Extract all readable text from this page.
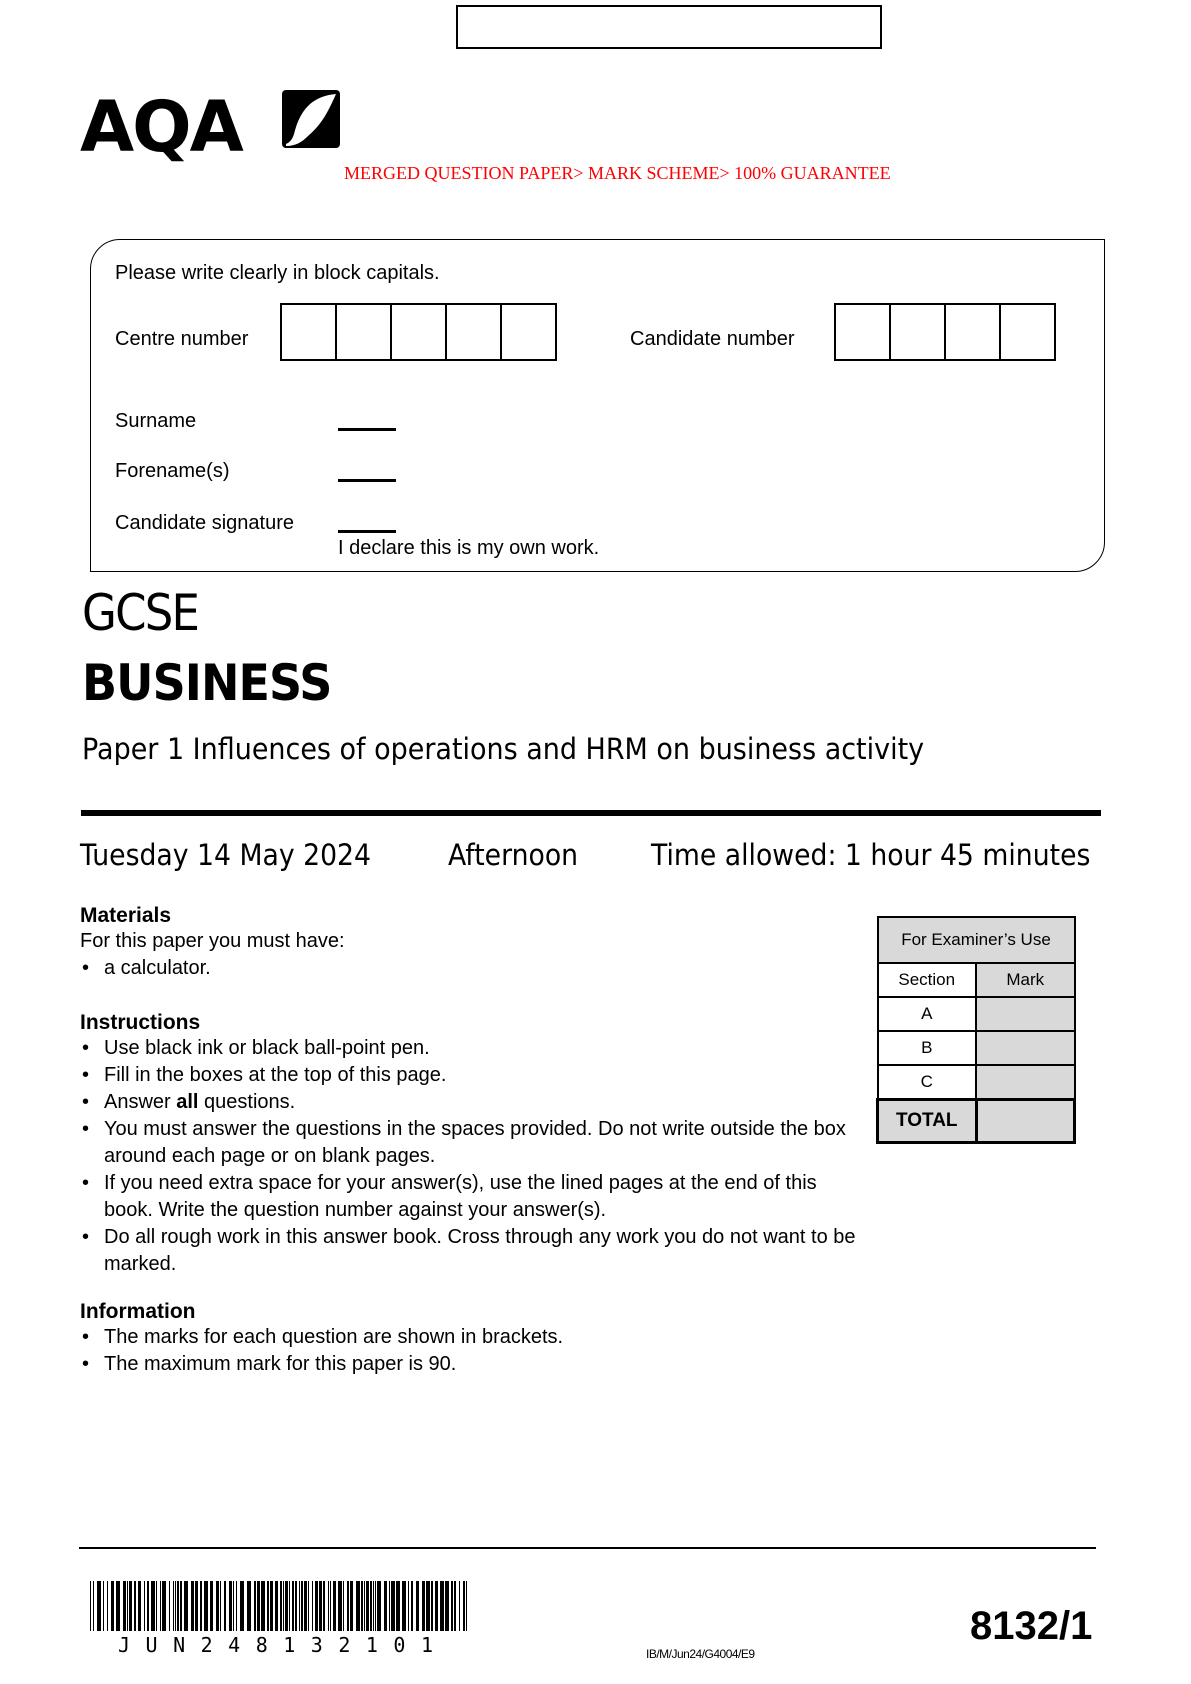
AQA
MERGED QUESTION PAPER> MARK SCHEME> 100% GUARANTEE
Please write clearly in block capitals.
Centre number	Candidate number
Surname
Forename(s)
Candidate signature
I declare this is my own work.
GCSE
BUSINESS
Paper 1 Influences of operations and HRM on business activity
Tuesday 14 May 2024	Afternoon	Time allowed: 1 hour 45 minutes
Materials
For this paper you must have:
• a calculator.
Instructions
• Use black ink or black ball-point pen.
• Fill in the boxes at the top of this page.
• Answer all questions.
• You must answer the questions in the spaces provided. Do not write outside the box around each page or on blank pages.
• If you need extra space for your answer(s), use the lined pages at the end of this book. Write the question number against your answer(s).
• Do all rough work in this answer book. Cross through any work you do not want to be marked.
Information
• The marks for each question are shown in brackets.
• The maximum mark for this paper is 90.
For Examiner’s Use	
Section	Mark
A	
B	
C	
TOTAL	
JUN248132101	IB/M/Jun24/G4004/E9
8132/1
